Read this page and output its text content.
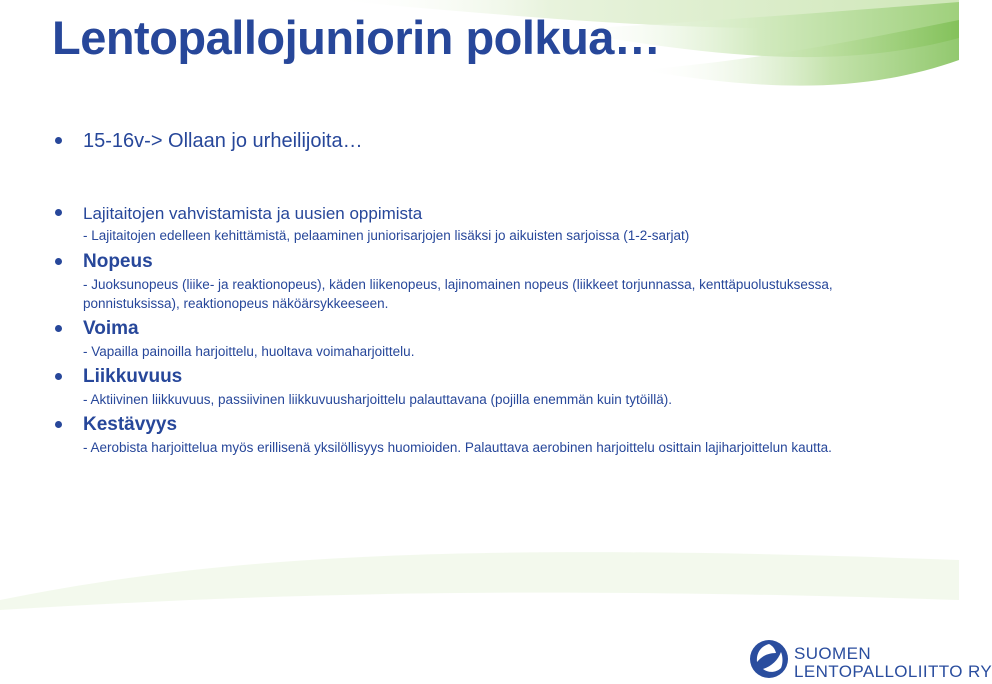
Lentopallojuniorin polkua…
15-16v-> Ollaan jo urheilijoita…
Lajitaitojen vahvistamista ja uusien oppimista
- Lajitaitojen edelleen kehittämistä, pelaaminen juniorisarjojen lisäksi jo aikuisten sarjoissa (1-2-sarjat)
Nopeus
- Juoksunopeus (liike- ja reaktionopeus), käden liikenopeus, lajinomainen nopeus (liikkeet torjunnassa, kenttäpuolustuksessa, ponnistuksissa), reaktionopeus näköärsykkeeseen.
Voima
- Vapailla painoilla harjoittelu, huoltava voimaharjoittelu.
Liikkuvuus
- Aktiivinen liikkuvuus, passiivinen liikkuvuusharjoittelu palauttavana (pojilla enemmän kuin tytöillä).
Kestävyys
- Aerobista harjoittelua myös erillisenä yksilöllisyys huomioiden. Palauttava aerobinen harjoittelu osittain lajiharjoittelun kautta.
SUOMEN
LENTOPALLOLIITTO RY
